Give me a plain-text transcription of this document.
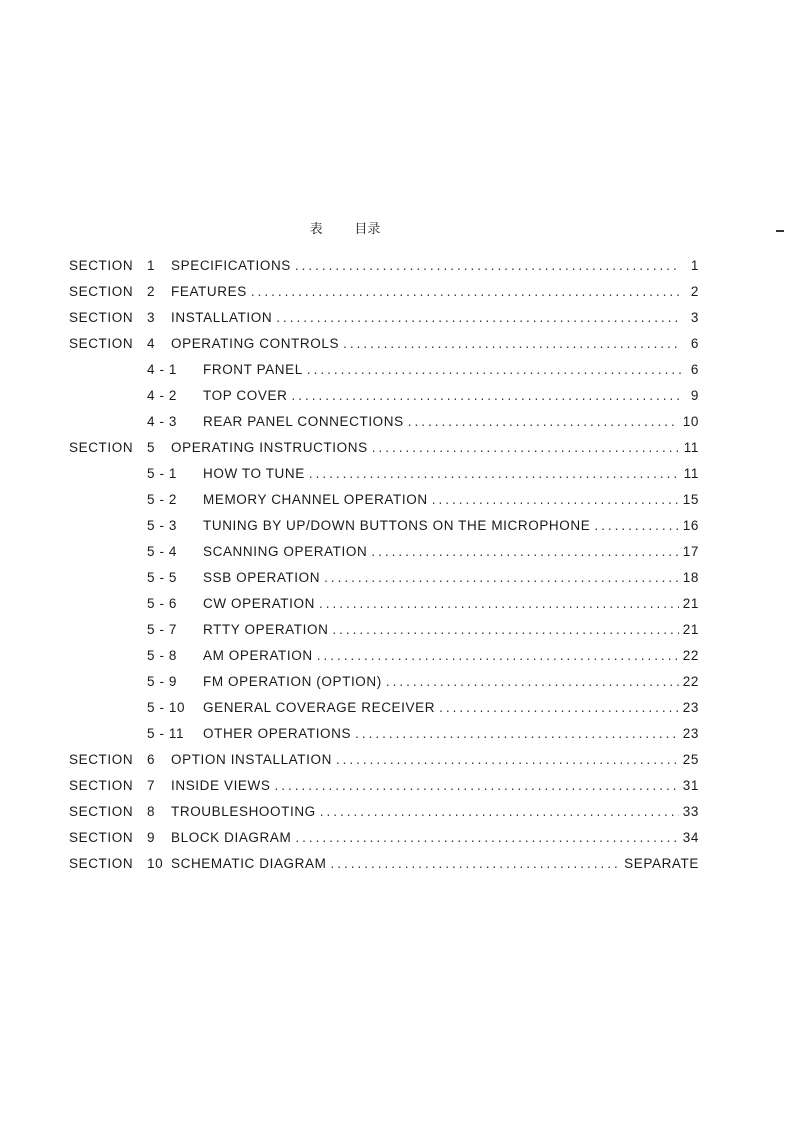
表 目录
SECTION	1	SPECIFICATIONS .....	1
SECTION	2	FEATURES .....	2
SECTION	3	INSTALLATION .....	3
SECTION	4	OPERATING CONTROLS .....	6
4 - 1	FRONT PANEL .....	6
4 - 2	TOP COVER .....	9
4 - 3	REAR PANEL CONNECTIONS .....	10
SECTION	5	OPERATING INSTRUCTIONS .....	11
5 - 1	HOW TO TUNE .....	11
5 - 2	MEMORY CHANNEL OPERATION .....	15
5 - 3	TUNING BY UP/DOWN BUTTONS ON THE MICROPHONE .....	16
5 - 4	SCANNING OPERATION .....	17
5 - 5	SSB OPERATION .....	18
5 - 6	CW OPERATION .....	21
5 - 7	RTTY OPERATION .....	21
5 - 8	AM OPERATION .....	22
5 - 9	FM OPERATION (OPTION) .....	22
5 - 10	GENERAL COVERAGE RECEIVER .....	23
5 - 11	OTHER OPERATIONS .....	23
SECTION	6	OPTION INSTALLATION .....	25
SECTION	7	INSIDE VIEWS .....	31
SECTION	8	TROUBLESHOOTING .....	33
SECTION	9	BLOCK DIAGRAM .....	34
SECTION	10 SCHEMATIC DIAGRAM .....	SEPARATE
